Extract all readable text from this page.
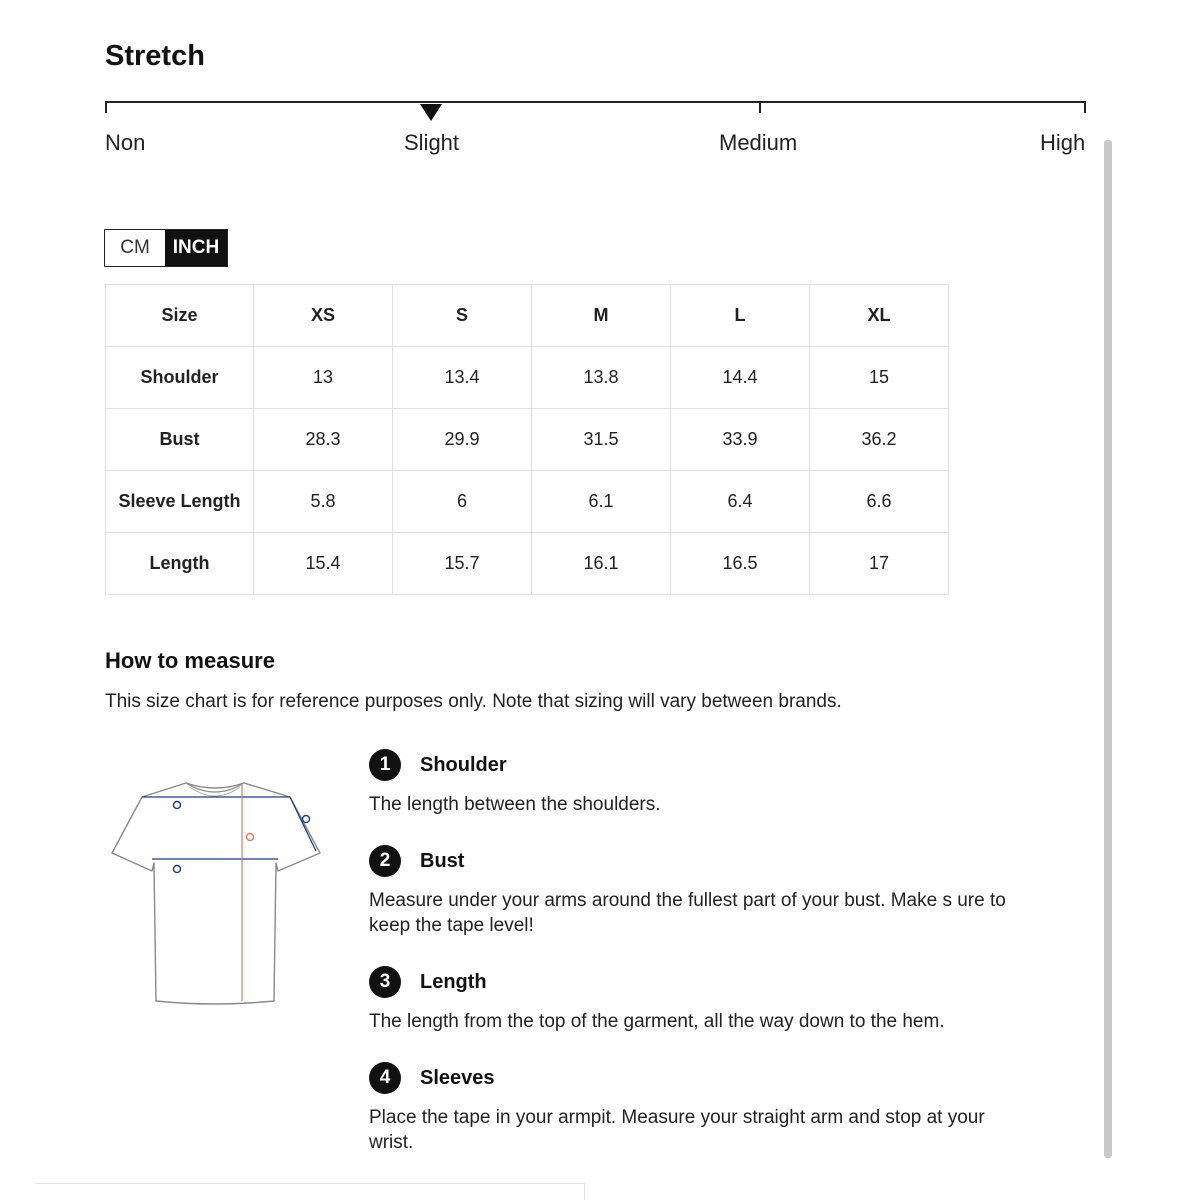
Stretch
Non	Slight	Medium	High
CM	INCH
Size	XS	S	M	L	XL
Shoulder	13	13.4	13.8	14.4	15
Bust	28.3	29.9	31.5	33.9	36.2
Sleeve Length	5.8	6	6.1	6.4	6.6
Length	15.4	15.7	16.1	16.5	17
How to measure
This size chart is for reference purposes only. Note that sizing will vary between brands.
1	Shoulder
The length between the shoulders.
2	Bust
Measure under your arms around the fullest part of your bust. Make s ure to keep the tape level!
3	Length
The length from the top of the garment, all the way down to the hem.
4	Sleeves
Place the tape in your armpit. Measure your straight arm and stop at your wrist.
